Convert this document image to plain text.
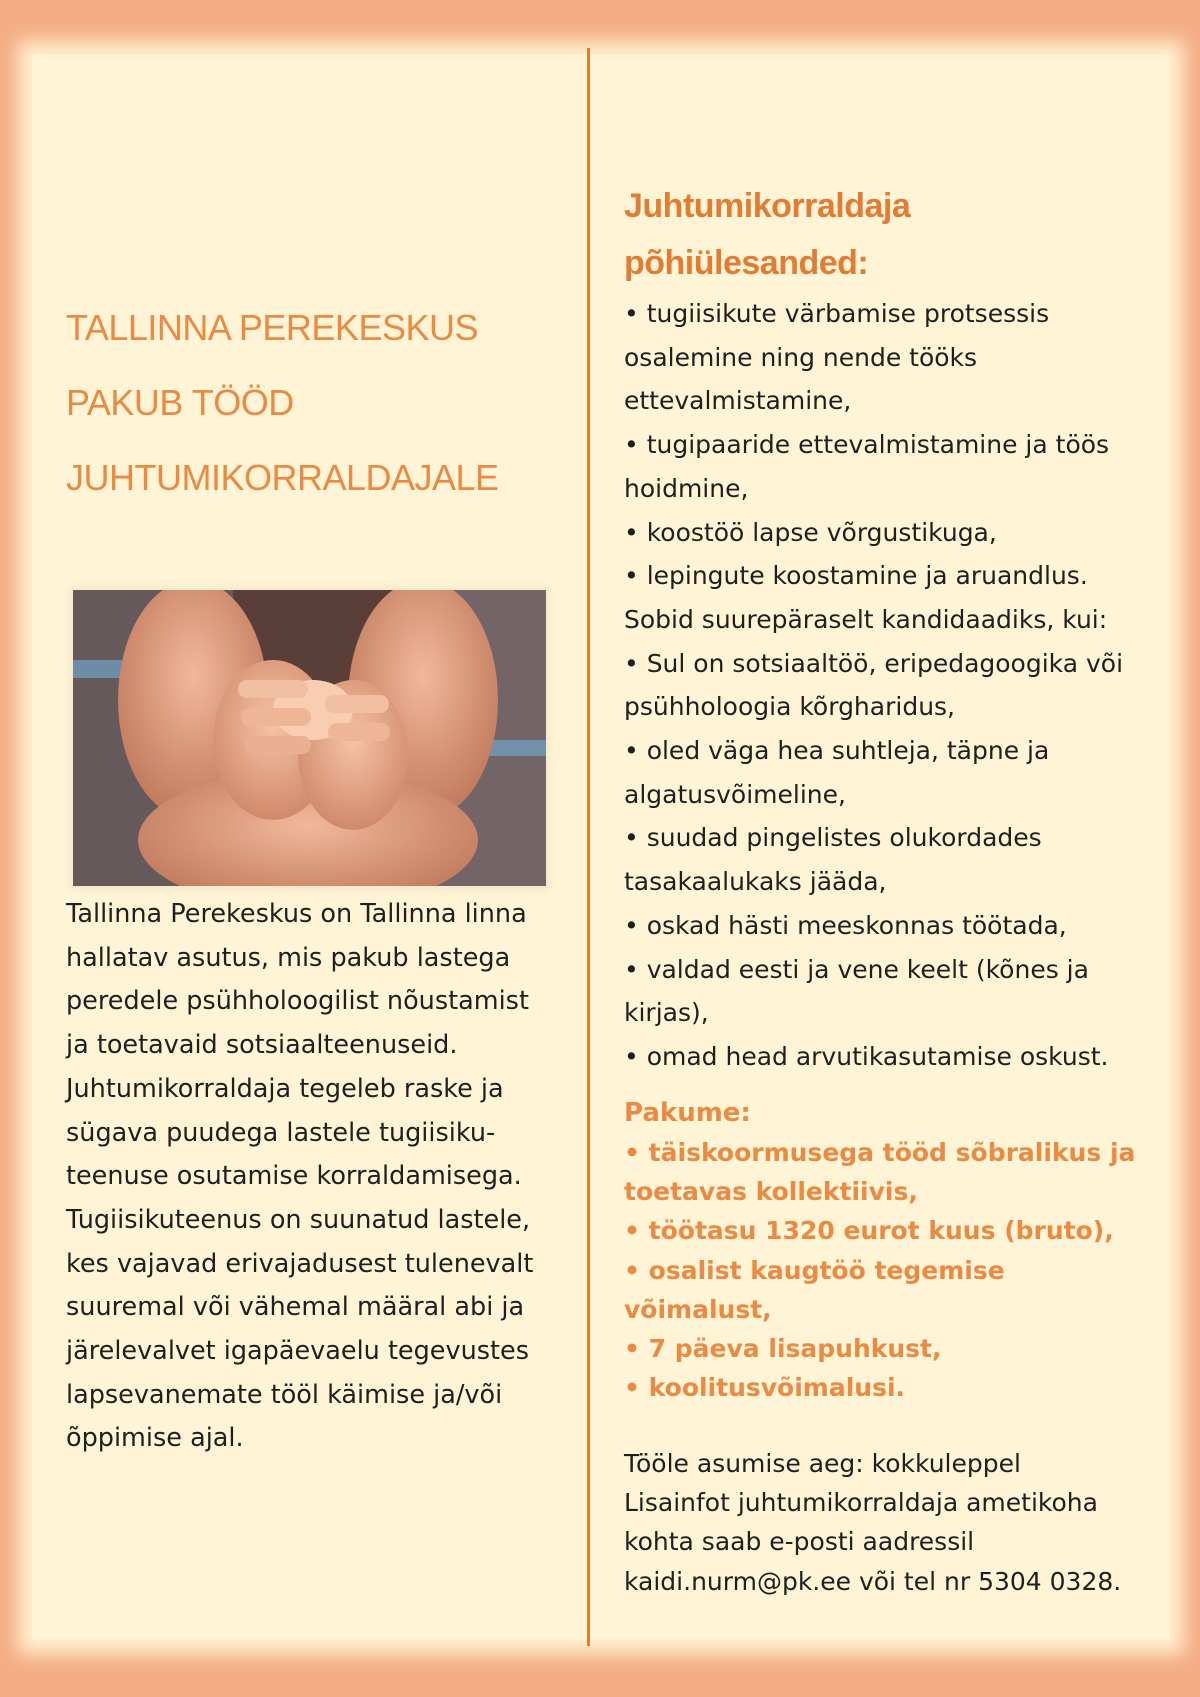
TALLINNA PEREKESKUS
PAKUB TÖÖD
JUHTUMIKORRALDAJALE

Tallinna Perekeskus on Tallinna linna

hallatav asutus, mis pakub lastega

peredele psühholoogilist nõustamist

ja toetavaid sotsiaalteenuseid.

Juhtumikorraldaja tegeleb raske ja

sügava puudega lastele tugiisiku-

teenuse osutamise korraldamisega.

Tugiisikuteenus on suunatud lastele,

kes vajavad erivajadusest tulenevalt

suuremal või vähemal määral abi ja

järelevalvet igapäevaelu tegevustes

lapsevanemate tööl käimise ja/või

õppimise ajal.

Juhtumikorraldaja
põhiülesanded:
• tugiisikute värbamise protsessis
osalemine ning nende tööks
ettevalmistamine,
• tugipaaride ettevalmistamine ja töös
hoidmine,
• koostöö lapse võrgustikuga,
• lepingute koostamine ja aruandlus.

Sobid suurepäraselt kandidaadiks, kui:

• Sul on sotsiaaltöö, eripedagoogika või
psühholoogia kõrgharidus,
• oled väga hea suhtleja, täpne ja
algatusvõimeline,
• suudad pingelistes olukordades
tasakaalukaks jääda,
• oskad hästi meeskonnas töötada,
• valdad eesti ja vene keelt (kõnes ja
kirjas),
• omad head arvutikasutamise oskust.

Pakume:

• täiskoormusega tööd sõbralikus ja
toetavas kollektiivis,
• töötasu 1320 eurot kuus (bruto),
• osalist kaugtöö tegemise võimalust,
• 7 päeva lisapuhkust,
• koolitusvõimalusi.

Tööle asumise aeg: kokkuleppel

Lisainfot juhtumikorraldaja ametikoha

kohta saab e-posti aadressil

kaidi.nurm@pk.ee või tel nr 5304 0328.
